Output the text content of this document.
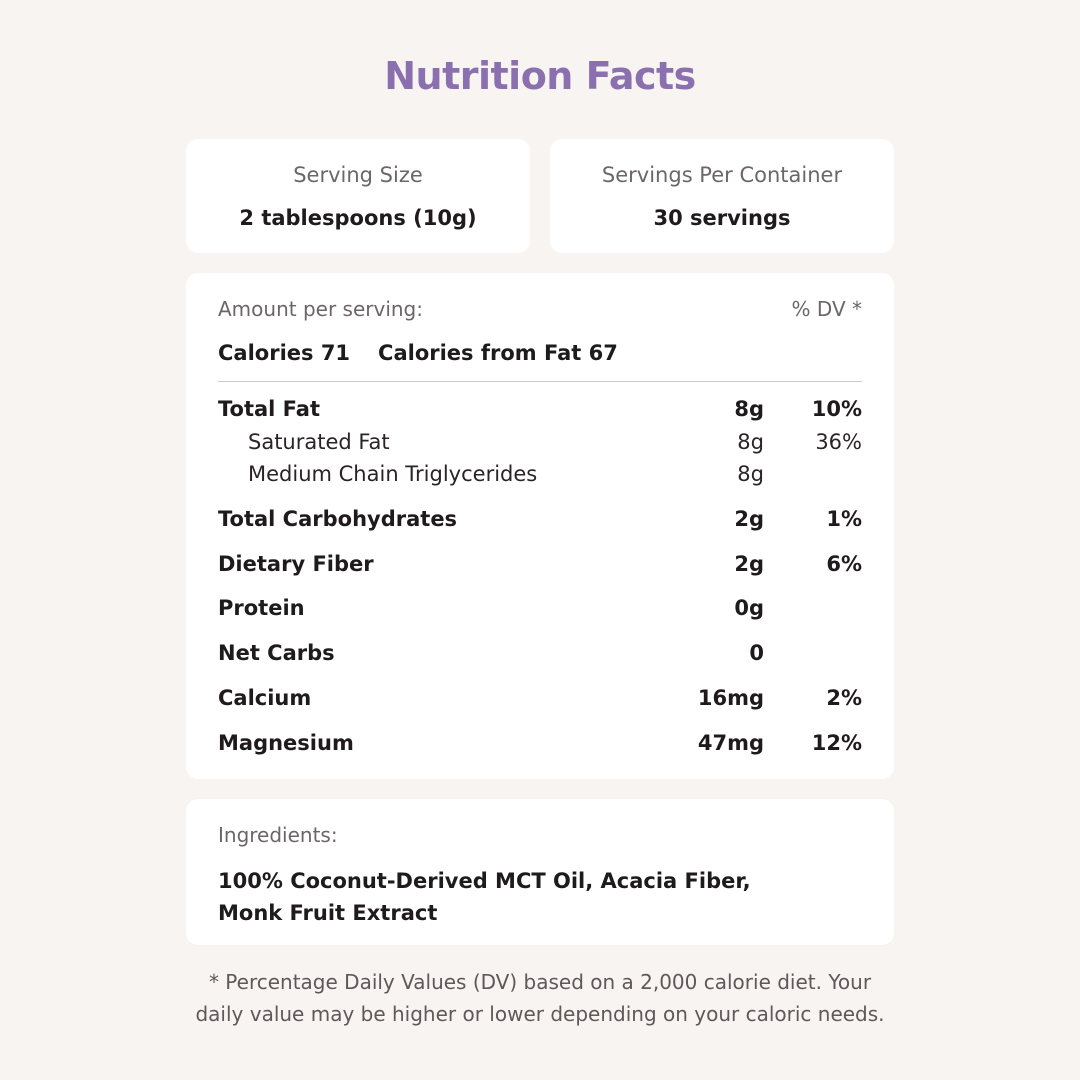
Nutrition Facts
Serving Size
2 tablespoons (10g)
Servings Per Container
30 servings
Amount per serving:	% DV *
Calories 71 Calories from Fat 67
Total Fat	8g 10%
Saturated Fat	8g 36%
Medium Chain Triglycerides	8g
Total Carbohydrates	2g	1%
Dietary Fiber	2g	6%
Protein	0g
Net Carbs	0
Calcium	16mg	2%
Magnesium	47mg 12%
Ingredients:
100% Coconut-Derived MCT Oil, Acacia Fiber,
Monk Fruit Extract
* Percentage Daily Values (DV) based on a 2,000 calorie diet. Your
daily value may be higher or lower depending on your caloric needs.
